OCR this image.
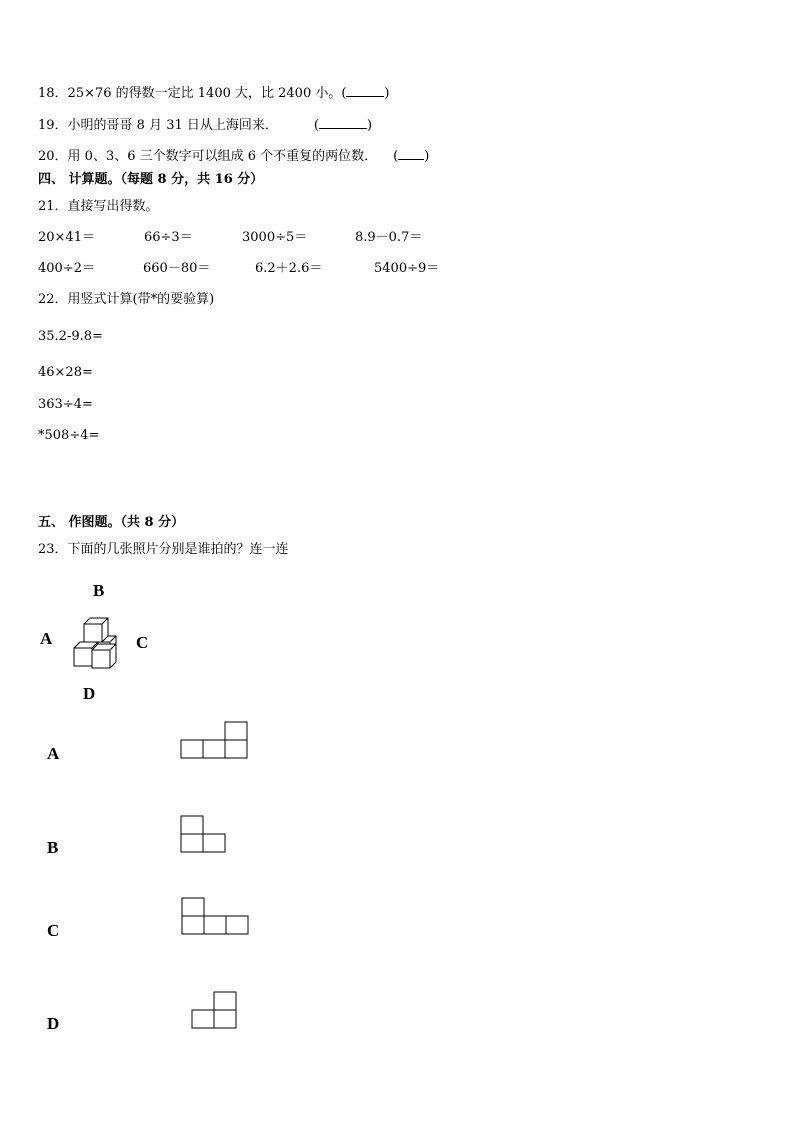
18．25×76 的得数一定比 1400 大，比 2400 小。(	)
19．小明的哥哥 8 月 31 日从上海回来．	(	)
20．用 0、3、6 三个数字可以组成 6 个不重复的两位数． ( )
四、 计算题。（每题 8 分，共 16 分）
21．直接写出得数。
20×41＝	66÷3＝	3000÷5＝	8.9－0.7＝
400÷2＝	660－80＝	6.2＋2.6＝	5400÷9＝
22．用竖式计算(带*的要验算)
35.2-9.8=
46×28=
363÷4=
*508÷4=
五、 作图题。（共 8 分）
23．下面的几张照片分别是谁拍的？连一连
B
A	C
D
A
B
C
D
